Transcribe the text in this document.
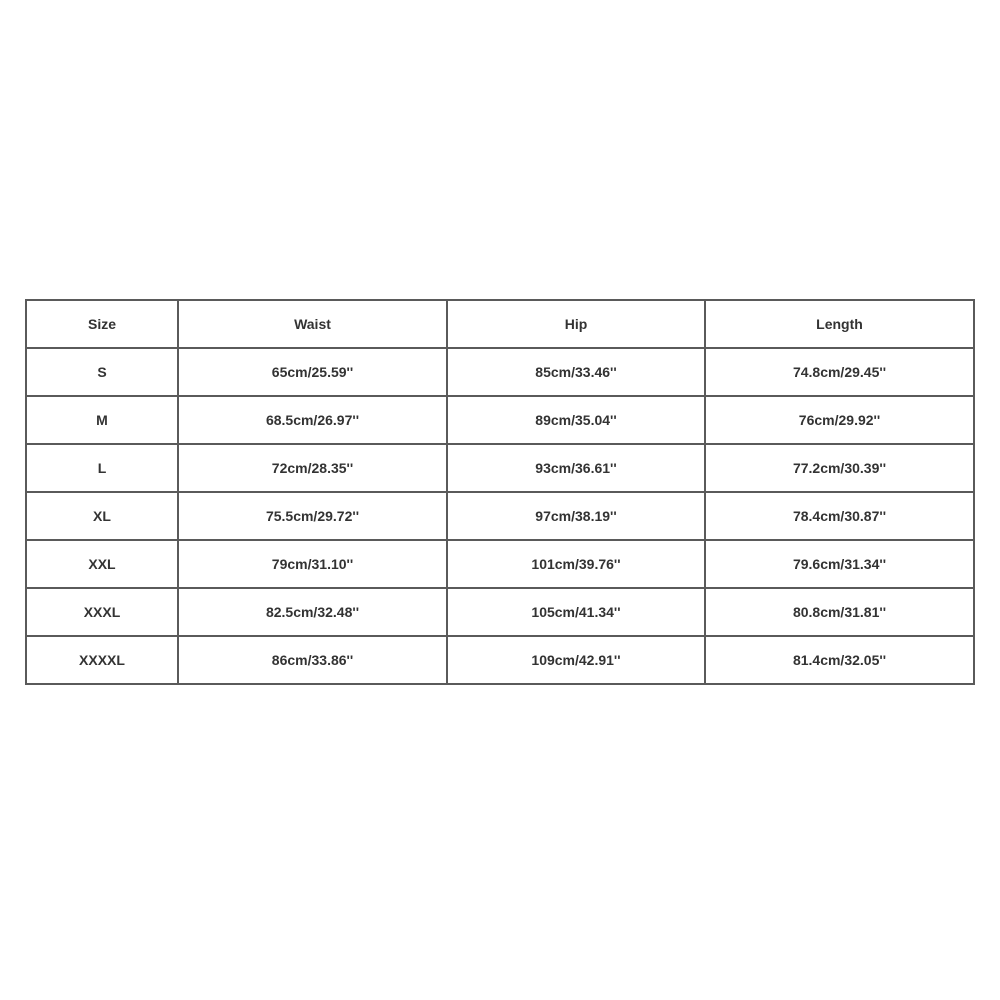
Size	Waist	Hip	Length
S	65cm/25.59''	85cm/33.46''	74.8cm/29.45''
M	68.5cm/26.97''	89cm/35.04''	76cm/29.92''
L	72cm/28.35''	93cm/36.61''	77.2cm/30.39''
XL	75.5cm/29.72''	97cm/38.19''	78.4cm/30.87''
XXL	79cm/31.10''	101cm/39.76''	79.6cm/31.34''
XXXL	82.5cm/32.48''	105cm/41.34''	80.8cm/31.81''
XXXXL	86cm/33.86''	109cm/42.91''	81.4cm/32.05''
